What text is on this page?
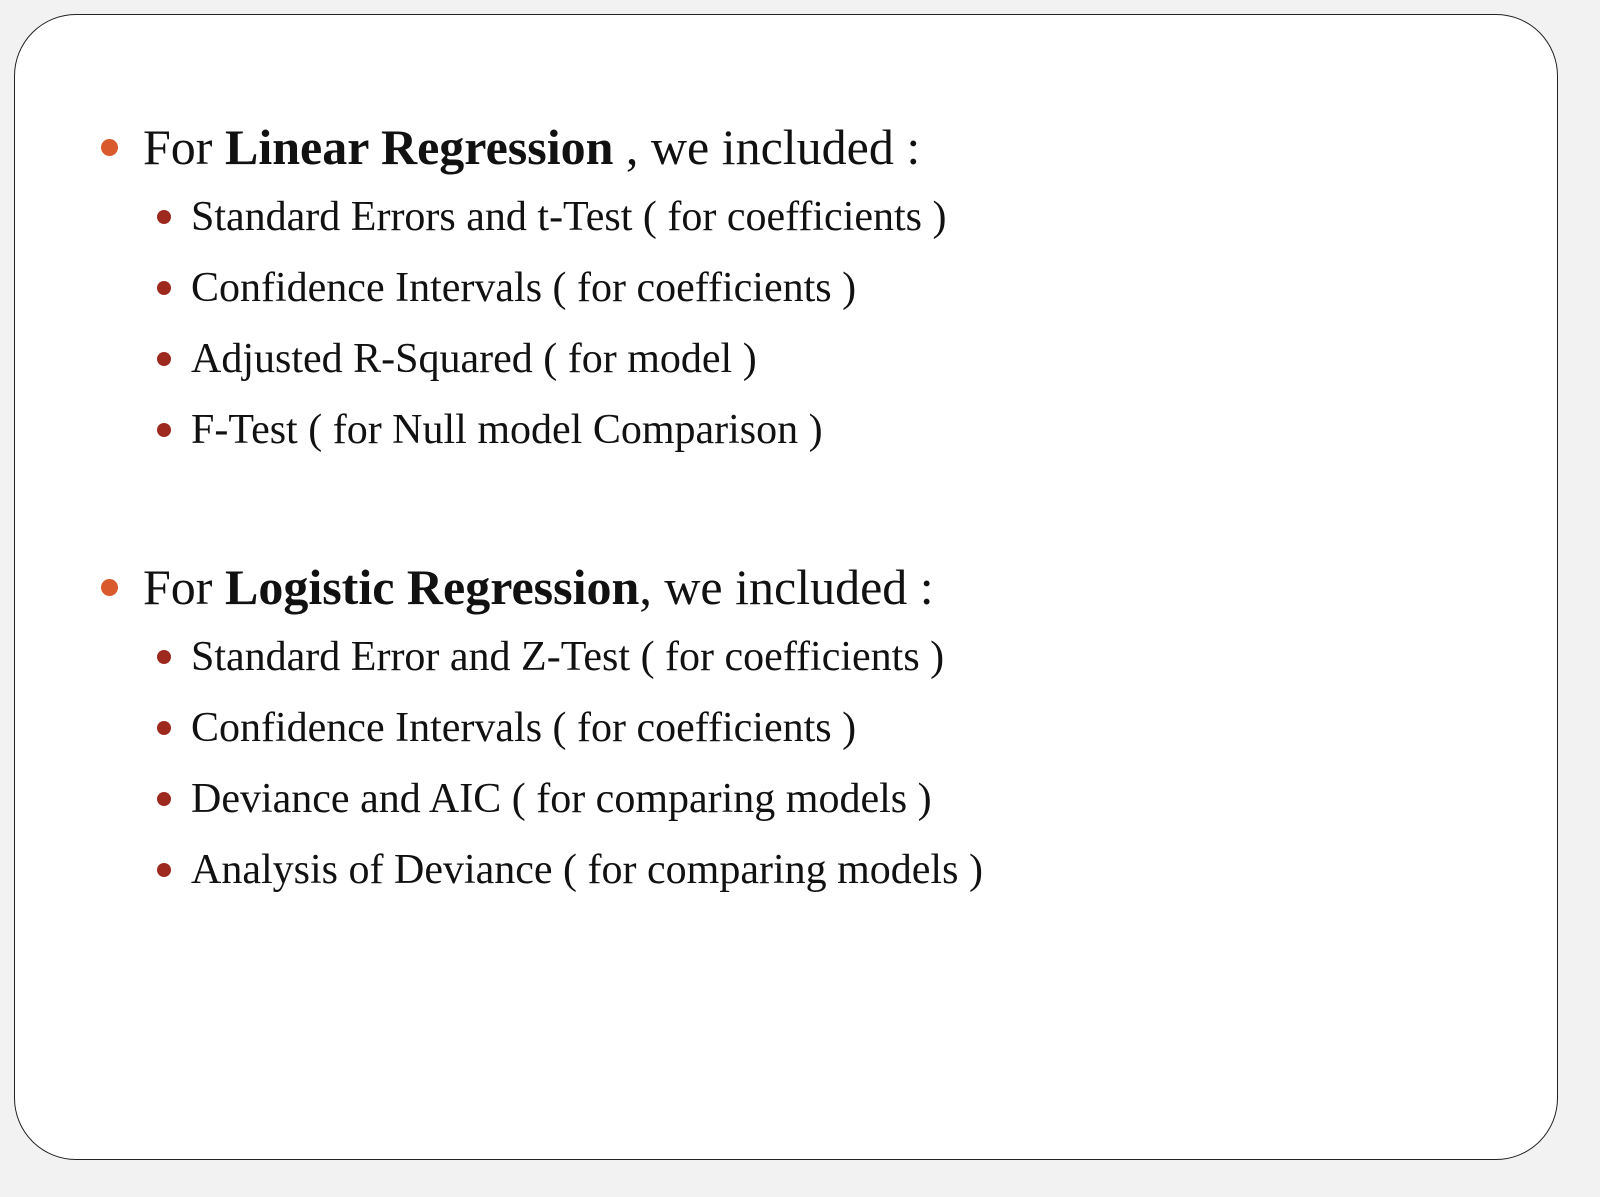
For Linear Regression , we included :
Standard Errors and t-Test ( for coefficients )
Confidence Intervals ( for coefficients )
Adjusted R-Squared ( for model )
F-Test ( for Null model Comparison )
For Logistic Regression, we included :
Standard Error and Z-Test ( for coefficients )
Confidence Intervals ( for coefficients )
Deviance and AIC ( for comparing models )
Analysis of Deviance ( for comparing models )
